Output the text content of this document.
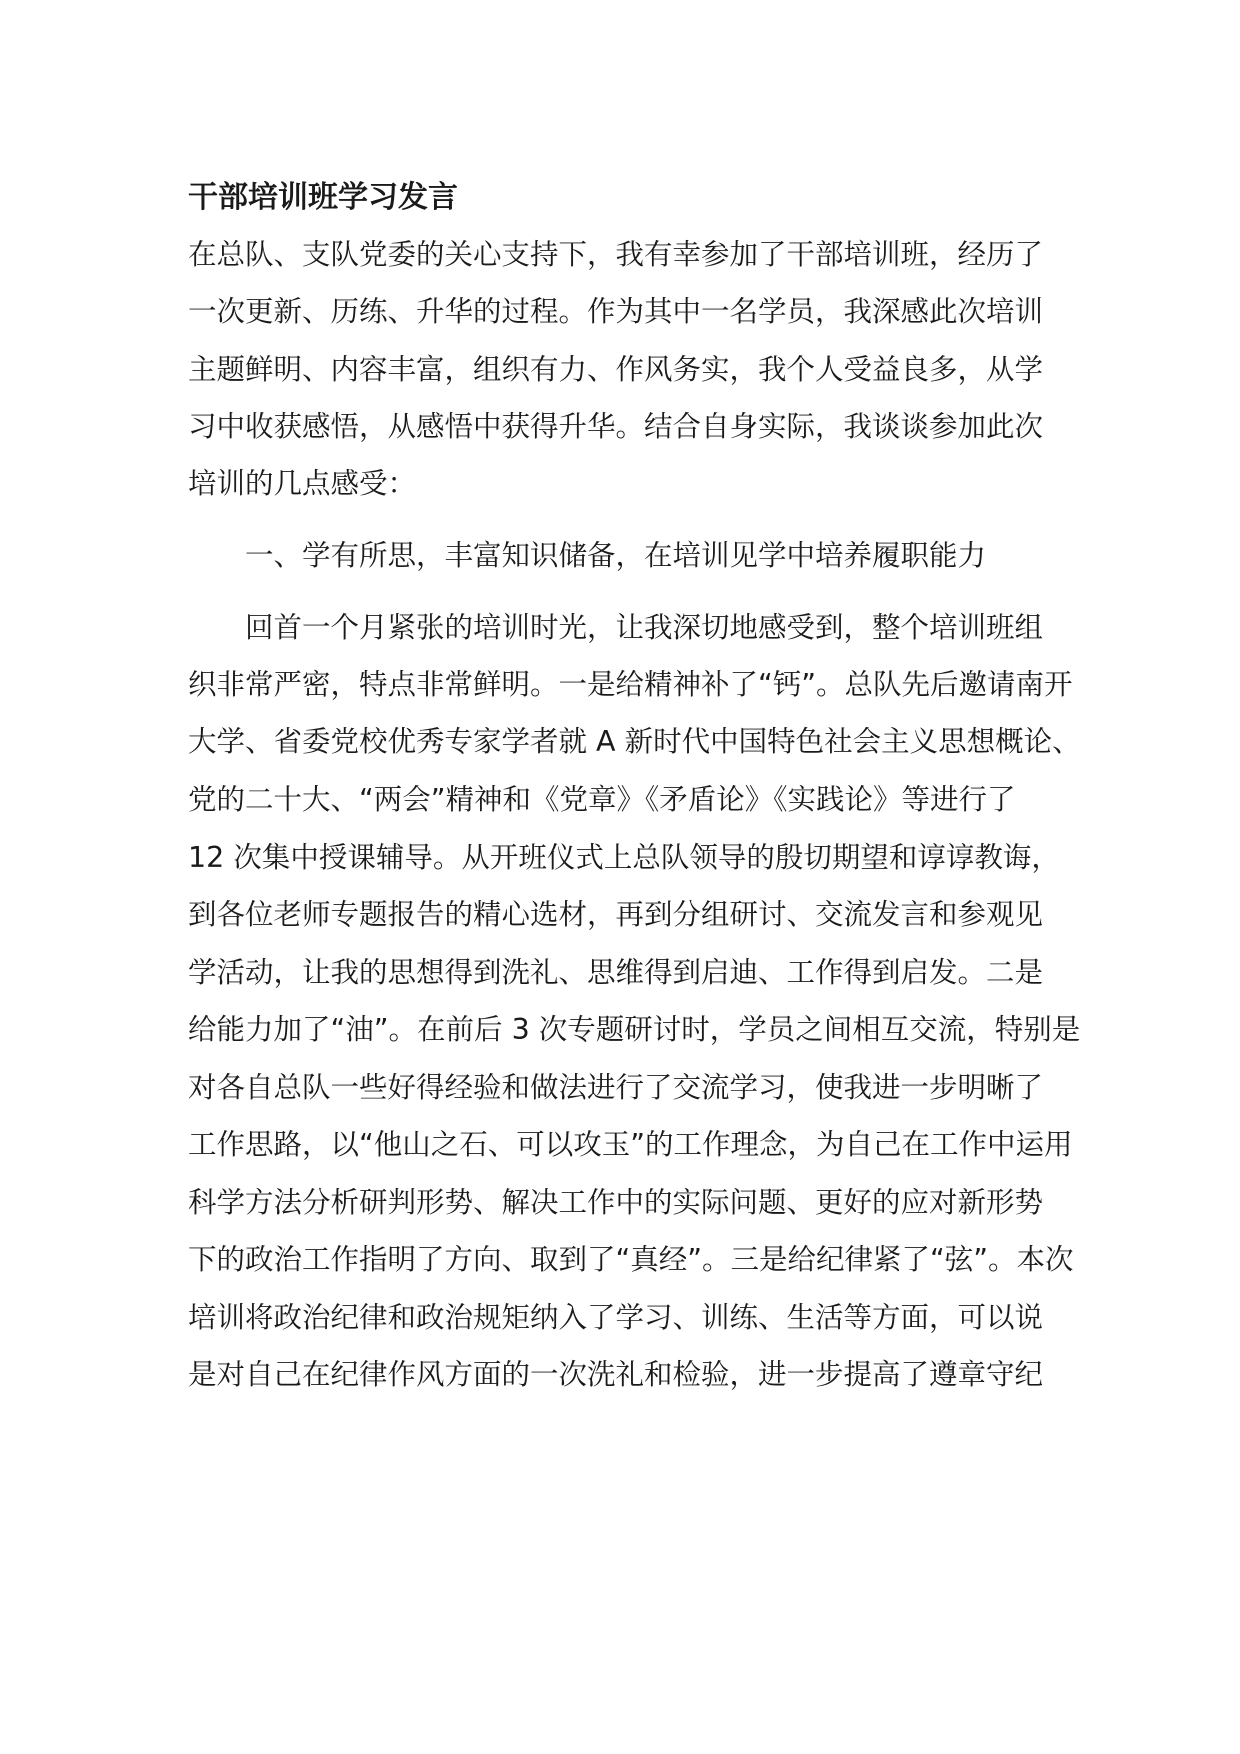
干部培训班学习发言

在总队、支队党委的关心支持下，我有幸参加了干部培训班，经历了

一次更新、历练、升华的过程。作为其中一名学员，我深感此次培训

主题鲜明、内容丰富，组织有力、作风务实，我个人受益良多，从学

习中收获感悟，从感悟中获得升华。结合自身实际，我谈谈参加此次

培训的几点感受：

一、学有所思，丰富知识储备，在培训见学中培养履职能力

回首一个月紧张的培训时光，让我深切地感受到，整个培训班组

织非常严密，特点非常鲜明。一是给精神补了“钙”。总队先后邀请南开

大学、省委党校优秀专家学者就 A 新时代中国特色社会主义思想概论、

党的二十大、“两会”精神和《党章》《矛盾论》《实践论》等进行了

12 次集中授课辅导。从开班仪式上总队领导的殷切期望和谆谆教诲，

到各位老师专题报告的精心选材，再到分组研讨、交流发言和参观见

学活动，让我的思想得到洗礼、思维得到启迪、工作得到启发。二是

给能力加了“油”。在前后 3 次专题研讨时，学员之间相互交流，特别是

对各自总队一些好得经验和做法进行了交流学习，使我进一步明晰了

工作思路，以“他山之石、可以攻玉”的工作理念，为自己在工作中运用

科学方法分析研判形势、解决工作中的实际问题、更好的应对新形势

下的政治工作指明了方向、取到了“真经”。三是给纪律紧了“弦”。本次

培训将政治纪律和政治规矩纳入了学习、训练、生活等方面，可以说

是对自己在纪律作风方面的一次洗礼和检验，进一步提高了遵章守纪
